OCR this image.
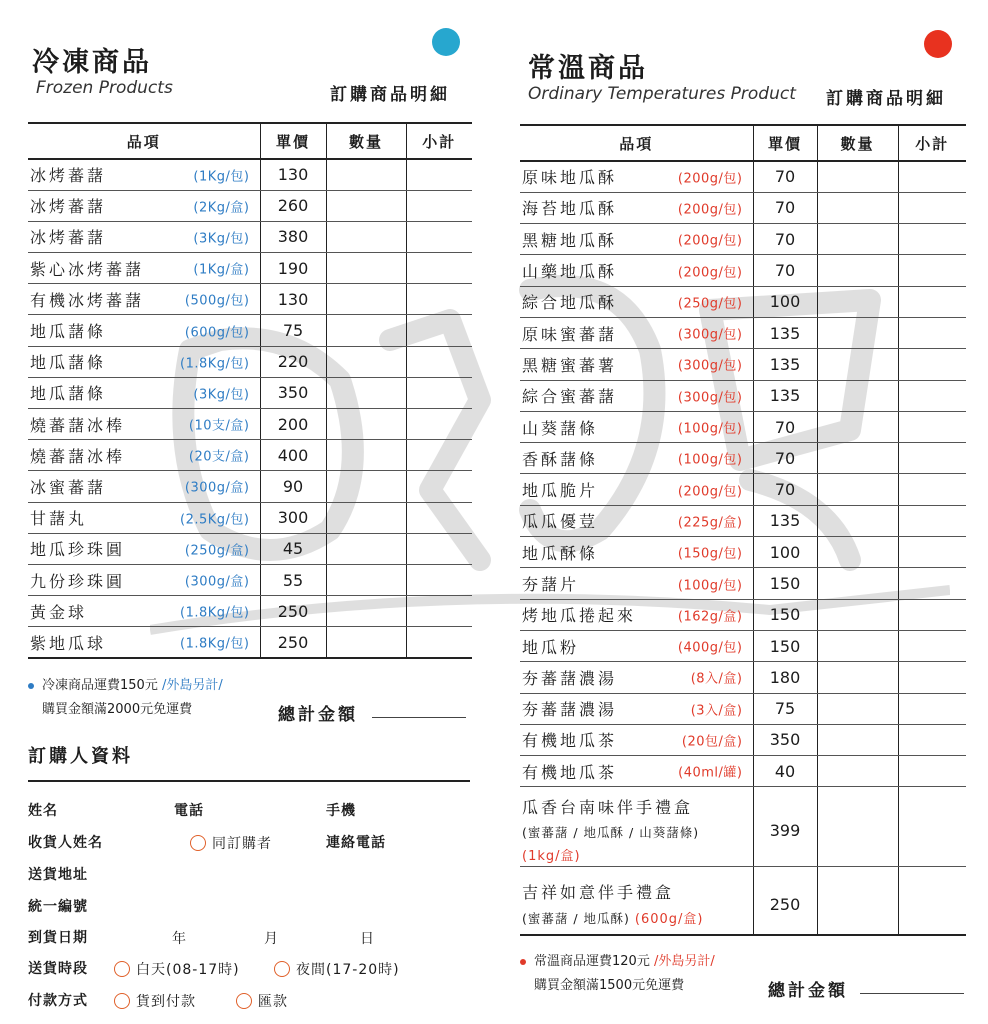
冷凍商品
Frozen Products	訂購商品明細
品項	單價	數量	小計
冰烤蕃藷 (1Kg/包)	130		
冰烤蕃藷 (2Kg/盒)	260		
冰烤蕃藷 (3Kg/包)	380		
紫心冰烤蕃藷 (1Kg/盒)	190		
有機冰烤蕃藷 (500g/包)	130		
地瓜藷條 (600g/包)	75		
地瓜藷條 (1.8Kg/包)	220		
地瓜藷條 (3Kg/包)	350		
燒蕃藷冰棒 (10支/盒)	200		
燒蕃藷冰棒 (20支/盒)	400		
冰蜜蕃藷 (300g/盒)	90		
甘藷丸 (2.5Kg/包)	300		
地瓜珍珠圓 (250g/盒)	45		
九份珍珠圓 (300g/盒)	55		
黃金球 (1.8Kg/包)	250		
紫地瓜球 (1.8Kg/包)	250		
冷凍商品運費150元 /外島另計/
購買金額滿2000元免運費	總計金額
訂購人資料
姓名	電話	手機
收貨人姓名	同訂購者	連絡電話
送貨地址
統一編號
到貨日期	年	月	日
送貨時段	白天(08-17時)	夜間(17-20時)
付款方式	貨到付款	匯款
常溫商品
Ordinary Temperatures Product 訂購商品明細
品項	單價	數量	小計
原味地瓜酥 (200g/包)	70		
海苔地瓜酥 (200g/包)	70		
黑糖地瓜酥 (200g/包)	70		
山藥地瓜酥 (200g/包)	70		
綜合地瓜酥 (250g/包)	100		
原味蜜蕃藷 (300g/包)	135		
黑糖蜜蕃薯 (300g/包)	135		
綜合蜜蕃藷 (300g/包)	135		
山葵藷條 (100g/包)	70		
香酥藷條 (100g/包)	70		
地瓜脆片 (200g/包)	70		
瓜瓜優荳 (225g/盒)	135		
地瓜酥條 (150g/包)	100		
夯藷片 (100g/包)	150		
烤地瓜捲起來 (162g/盒)	150		
地瓜粉 (400g/包)	150		
夯蕃藷濃湯 (8入/盒)	180		
夯蕃藷濃湯 (3入/盒)	75		
有機地瓜茶 (20包/盒)	350		
有機地瓜茶 (40ml/罐)	40		
瓜香台南味伴手禮盒
(蜜蕃藷 / 地瓜酥 / 山葵藷條)
(1kg/盒)	399		
吉祥如意伴手禮盒
(蜜蕃藷 / 地瓜酥) (600g/盒)	250		
常溫商品運費120元 /外島另計/
購買金額滿1500元免運費	總計金額
